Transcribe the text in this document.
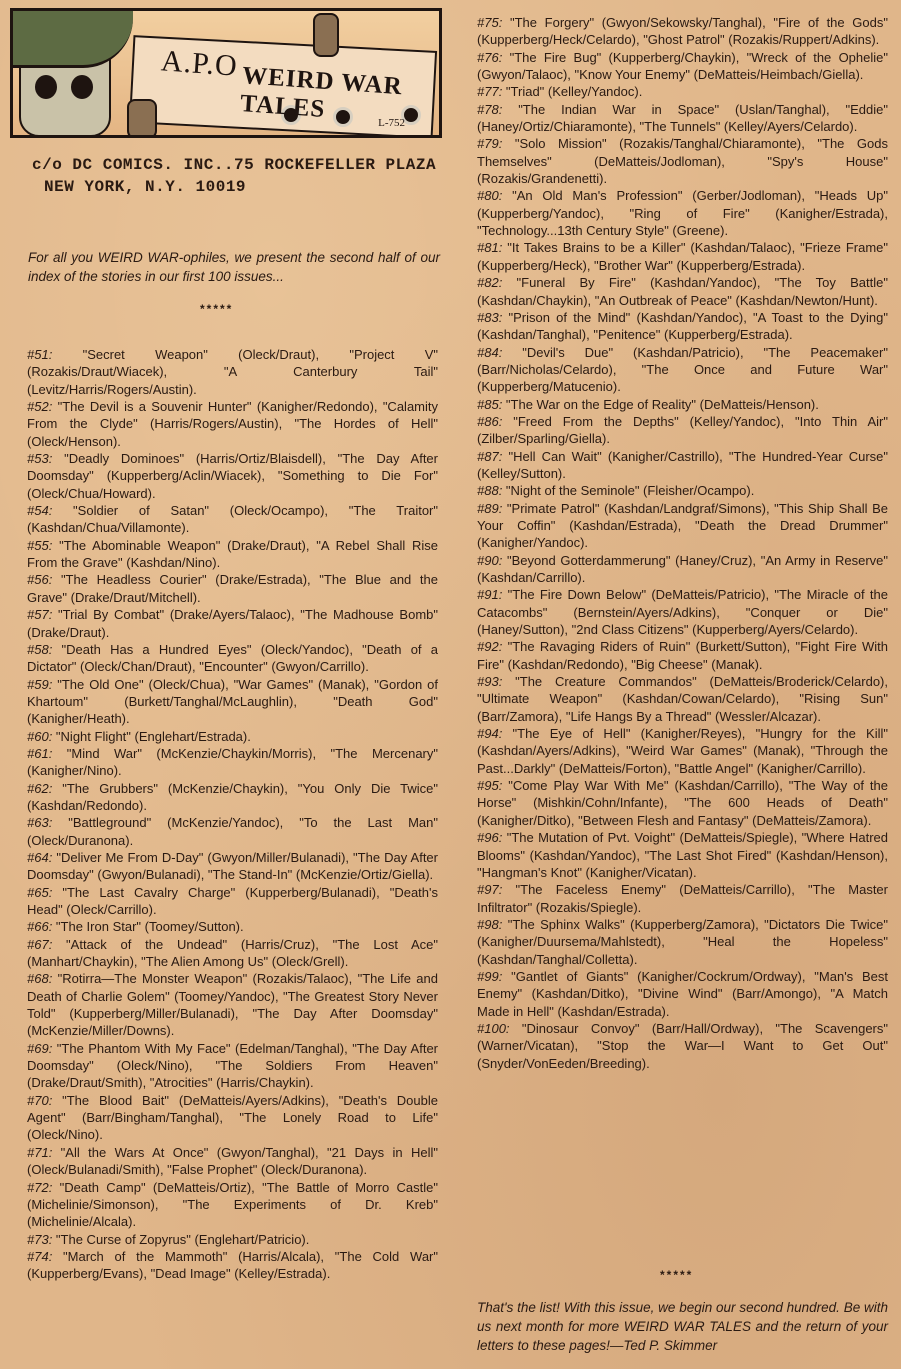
A.P.O WEIRD WAR TALES
L-752
c/o DC COMICS. INC..75 ROCKEFELLER PLAZA
NEW YORK, N.Y. 10019
For all you WEIRD WAR-ophiles, we present the second half of our index of the stories in our first 100 issues...
*****

#51: "Secret Weapon" (Oleck/Draut), "Project V" (Rozakis/Draut/Wiacek), "A Canterbury Tail" (Levitz/Harris/Rogers/Austin).

#52: "The Devil is a Souvenir Hunter" (Kanigher/Redondo), "Calamity From the Clyde" (Harris/Rogers/Austin), "The Hordes of Hell" (Oleck/Henson).

#53: "Deadly Dominoes" (Harris/Ortiz/Blaisdell), "The Day After Doomsday" (Kupperberg/Aclin/Wiacek), "Something to Die For" (Oleck/Chua/Howard).

#54: "Soldier of Satan" (Oleck/Ocampo), "The Traitor" (Kashdan/Chua/Villamonte).

#55: "The Abominable Weapon" (Drake/Draut), "A Rebel Shall Rise From the Grave" (Kashdan/Nino).

#56: "The Headless Courier" (Drake/Estrada), "The Blue and the Grave" (Drake/Draut/Mitchell).

#57: "Trial By Combat" (Drake/Ayers/Talaoc), "The Madhouse Bomb" (Drake/Draut).

#58: "Death Has a Hundred Eyes" (Oleck/Yandoc), "Death of a Dictator" (Oleck/Chan/Draut), "Encounter" (Gwyon/Carrillo).

#59: "The Old One" (Oleck/Chua), "War Games" (Manak), "Gordon of Khartoum" (Burkett/Tanghal/McLaughlin), "Death God" (Kanigher/Heath).

#60: "Night Flight" (Englehart/Estrada).

#61: "Mind War" (McKenzie/Chaykin/Morris), "The Mercenary" (Kanigher/Nino).

#62: "The Grubbers" (McKenzie/Chaykin), "You Only Die Twice" (Kashdan/Redondo).

#63: "Battleground" (McKenzie/Yandoc), "To the Last Man" (Oleck/Duranona).

#64: "Deliver Me From D-Day" (Gwyon/Miller/Bulanadi), "The Day After Doomsday" (Gwyon/Bulanadi), "The Stand-In" (McKenzie/Ortiz/Giella).

#65: "The Last Cavalry Charge" (Kupperberg/Bulanadi), "Death's Head" (Oleck/Carrillo).

#66: "The Iron Star" (Toomey/Sutton).

#67: "Attack of the Undead" (Harris/Cruz), "The Lost Ace" (Manhart/Chaykin), "The Alien Among Us" (Oleck/Grell).

#68: "Rotirra—The Monster Weapon" (Rozakis/Talaoc), "The Life and Death of Charlie Golem" (Toomey/Yandoc), "The Greatest Story Never Told" (Kupperberg/Miller/Bulanadi), "The Day After Doomsday" (McKenzie/Miller/Downs).

#69: "The Phantom With My Face" (Edelman/Tanghal), "The Day After Doomsday" (Oleck/Nino), "The Soldiers From Heaven" (Drake/Draut/Smith), "Atrocities" (Harris/Chaykin).

#70: "The Blood Bait" (DeMatteis/Ayers/Adkins), "Death's Double Agent" (Barr/Bingham/Tanghal), "The Lonely Road to Life" (Oleck/Nino).

#71: "All the Wars At Once" (Gwyon/Tanghal), "21 Days in Hell" (Oleck/Bulanadi/Smith), "False Prophet" (Oleck/Duranona).

#72: "Death Camp" (DeMatteis/Ortiz), "The Battle of Morro Castle" (Michelinie/Simonson), "The Experiments of Dr. Kreb" (Michelinie/Alcala).

#73: "The Curse of Zopyrus" (Englehart/Patricio).

#74: "March of the Mammoth" (Harris/Alcala), "The Cold War" (Kupperberg/Evans), "Dead Image" (Kelley/Estrada).

#75: "The Forgery" (Gwyon/Sekowsky/Tanghal), "Fire of the Gods" (Kupperberg/Heck/Celardo), "Ghost Patrol" (Rozakis/Ruppert/Adkins).

#76: "The Fire Bug" (Kupperberg/Chaykin), "Wreck of the Ophelie" (Gwyon/Talaoc), "Know Your Enemy" (DeMatteis/Heimbach/Giella).

#77: "Triad" (Kelley/Yandoc).

#78: "The Indian War in Space" (Uslan/Tanghal), "Eddie" (Haney/Ortiz/Chiaramonte), "The Tunnels" (Kelley/Ayers/Celardo).

#79: "Solo Mission" (Rozakis/Tanghal/Chiaramonte), "The Gods Themselves" (DeMatteis/Jodloman), "Spy's House" (Rozakis/Grandenetti).

#80: "An Old Man's Profession" (Gerber/Jodloman), "Heads Up" (Kupperberg/Yandoc), "Ring of Fire" (Kanigher/Estrada), "Technology...13th Century Style" (Greene).

#81: "It Takes Brains to be a Killer" (Kashdan/Talaoc), "Frieze Frame" (Kupperberg/Heck), "Brother War" (Kupperberg/Estrada).

#82: "Funeral By Fire" (Kashdan/Yandoc), "The Toy Battle" (Kashdan/Chaykin), "An Outbreak of Peace" (Kashdan/Newton/Hunt).

#83: "Prison of the Mind" (Kashdan/Yandoc), "A Toast to the Dying" (Kashdan/Tanghal), "Penitence" (Kupperberg/Estrada).

#84: "Devil's Due" (Kashdan/Patricio), "The Peacemaker" (Barr/Nicholas/Celardo), "The Once and Future War" (Kupperberg/Matucenio).

#85: "The War on the Edge of Reality" (DeMatteis/Henson).

#86: "Freed From the Depths" (Kelley/Yandoc), "Into Thin Air" (Zilber/Sparling/Giella).

#87: "Hell Can Wait" (Kanigher/Castrillo), "The Hundred-Year Curse" (Kelley/Sutton).

#88: "Night of the Seminole" (Fleisher/Ocampo).

#89: "Primate Patrol" (Kashdan/Landgraf/Simons), "This Ship Shall Be Your Coffin" (Kashdan/Estrada), "Death the Dread Drummer" (Kanigher/Yandoc).

#90: "Beyond Gotterdammerung" (Haney/Cruz), "An Army in Reserve" (Kashdan/Carrillo).

#91: "The Fire Down Below" (DeMatteis/Patricio), "The Miracle of the Catacombs" (Bernstein/Ayers/Adkins), "Conquer or Die" (Haney/Sutton), "2nd Class Citizens" (Kupperberg/Ayers/Celardo).

#92: "The Ravaging Riders of Ruin" (Burkett/Sutton), "Fight Fire With Fire" (Kashdan/Redondo), "Big Cheese" (Manak).

#93: "The Creature Commandos" (DeMatteis/Broderick/Celardo), "Ultimate Weapon" (Kashdan/Cowan/Celardo), "Rising Sun" (Barr/Zamora), "Life Hangs By a Thread" (Wessler/Alcazar).

#94: "The Eye of Hell" (Kanigher/Reyes), "Hungry for the Kill" (Kashdan/Ayers/Adkins), "Weird War Games" (Manak), "Through the Past...Darkly" (DeMatteis/Forton), "Battle Angel" (Kanigher/Carrillo).

#95: "Come Play War With Me" (Kashdan/Carrillo), "The Way of the Horse" (Mishkin/Cohn/Infante), "The 600 Heads of Death" (Kanigher/Ditko), "Between Flesh and Fantasy" (DeMatteis/Zamora).

#96: "The Mutation of Pvt. Voight" (DeMatteis/Spiegle), "Where Hatred Blooms" (Kashdan/Yandoc), "The Last Shot Fired" (Kashdan/Henson), "Hangman's Knot" (Kanigher/Vicatan).

#97: "The Faceless Enemy" (DeMatteis/Carrillo), "The Master Infiltrator" (Rozakis/Spiegle).

#98: "The Sphinx Walks" (Kupperberg/Zamora), "Dictators Die Twice" (Kanigher/Duursema/Mahlstedt), "Heal the Hopeless" (Kashdan/Tanghal/Colletta).

#99: "Gantlet of Giants" (Kanigher/Cockrum/Ordway), "Man's Best Enemy" (Kashdan/Ditko), "Divine Wind" (Barr/Amongo), "A Match Made in Hell" (Kashdan/Estrada).

#100: "Dinosaur Convoy" (Barr/Hall/Ordway), "The Scavengers" (Warner/Vicatan), "Stop the War—I Want to Get Out" (Snyder/VonEeden/Breeding).

*****
That's the list! With this issue, we begin our second hundred. Be with us next month for more WEIRD WAR TALES and the return of your letters to these pages!—Ted P. Skimmer
